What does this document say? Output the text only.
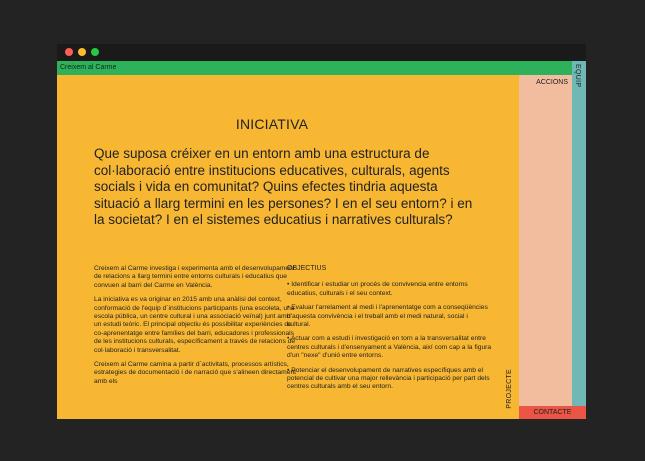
Creixem al Carme
INICIATIVA
Que suposa créixer en un entorn amb una estructura de col·laboració entre institucions educatives, culturals, agents socials i vida en comunitat? Quins efectes tindria aquesta situació a llarg termini en les persones? I en el seu entorn? i en la societat? I en el sistemes educatius i narratives culturals?

Creixem al Carme investiga i experimenta amb el desenvolupament de relacions a llarg termini entre entorns culturals i educatius que convuen al barri del Carme en València.

La iniciativa es va originar en 2015 amb una anàlisi del context, conformació de l'equip d´institucions participants (una escoleta, una escola pública, un centre cultural i una associació veïnal) junt amb un estudi teòric. El principal objectiu és possibilitar experiències de co-aprenentatge entre famílies del barri, educadores i professionals de les institucions culturals, específicament a través de relacions de col·laboració i transversalitat.

Creixem al Carme camina a partir d´activitats, processos artístics, estrategies de documentació i de narració que s'alineen directament amb els

OBJECTIUS

• Identificar i estudiar un procés de convivencia entre entorns educatius, culturals i el seu context.

• Evaluar l'arrelament al medi i l'aprenentatge com a conseqüències d'aquesta convivència i el treball amb el medi natural, social i cultural.

• Actuar com a estudi i investigació en torn a la transversalitat entre centres culturals i d'ensenyament a València, així com cap a la figura d'un "nexe" d'unió entre entorns.

• Potenciar el desenvolupament de narratives específiques amb el potencial de cultivar una major rellevància i participació per part dels centres culturals amb el seu entorn.

ACCIONS EQUIP
PROJECTE
CONTACTE
